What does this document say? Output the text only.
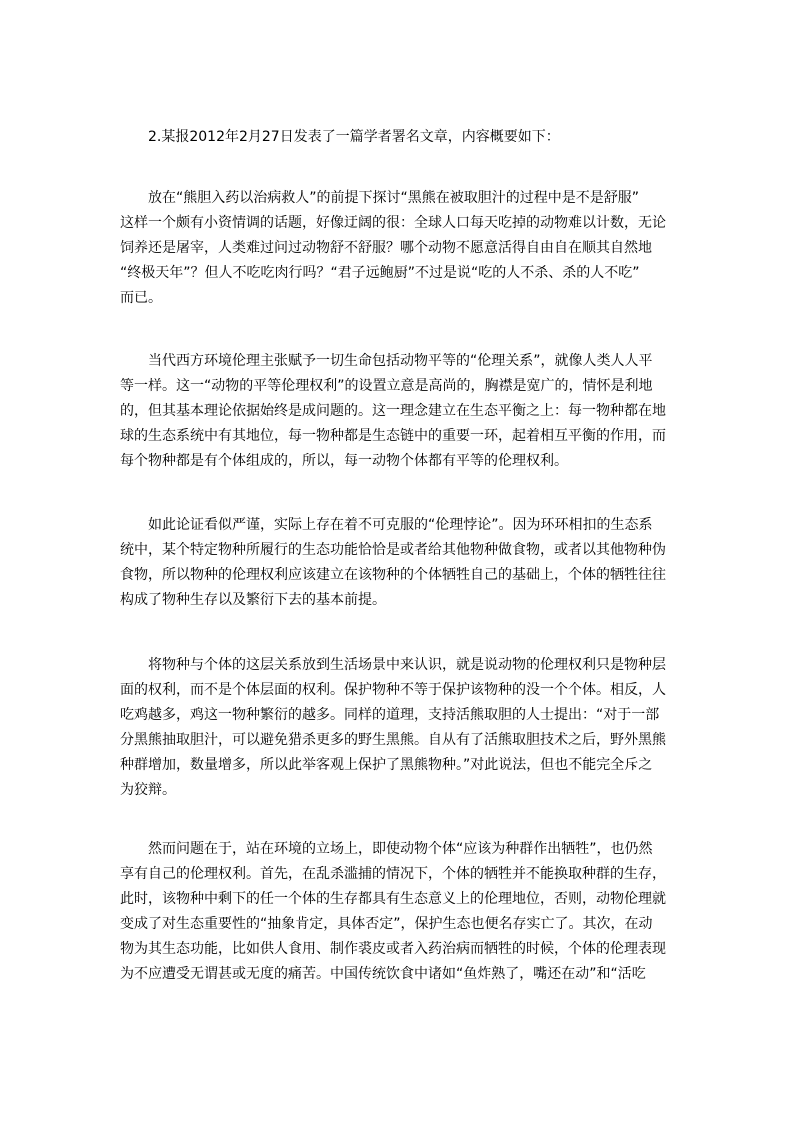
2.某报2012年2月27日发表了一篇学者署名文章，内容概要如下：
放在“熊胆入药以治病救人”的前提下探讨“黑熊在被取胆汁的过程中是不是舒服”
这样一个颇有小资情调的话题，好像迂阔的很：全球人口每天吃掉的动物难以计数，无论
饲养还是屠宰，人类难过问过动物舒不舒服？哪个动物不愿意活得自由自在顺其自然地
“终极天年”？但人不吃吃肉行吗？“君子远鲍厨”不过是说“吃的人不杀、杀的人不吃”
而已。
当代西方环境伦理主张赋予一切生命包括动物平等的“伦理关系”，就像人类人人平
等一样。这一“动物的平等伦理权利”的设置立意是高尚的，胸襟是宽广的，情怀是利地
的，但其基本理论依据始终是成问题的。这一理念建立在生态平衡之上：每一物种都在地
球的生态系统中有其地位，每一物种都是生态链中的重要一环，起着相互平衡的作用，而
每个物种都是有个体组成的，所以，每一动物个体都有平等的伦理权利。
如此论证看似严谨，实际上存在着不可克服的“伦理悖论”。因为环环相扣的生态系
统中，某个特定物种所履行的生态功能恰恰是或者给其他物种做食物，或者以其他物种伪
食物，所以物种的伦理权利应该建立在该物种的个体牺牲自己的基础上，个体的牺牲往往
构成了物种生存以及繁衍下去的基本前提。
将物种与个体的这层关系放到生活场景中来认识，就是说动物的伦理权利只是物种层
面的权利，而不是个体层面的权利。保护物种不等于保护该物种的没一个个体。相反，人
吃鸡越多，鸡这一物种繁衍的越多。同样的道理，支持活熊取胆的人士提出：“对于一部
分黑熊抽取胆汁，可以避免猎杀更多的野生黑熊。自从有了活熊取胆技术之后，野外黑熊
种群增加，数量增多，所以此举客观上保护了黑熊物种。”对此说法，但也不能完全斥之
为狡辩。
然而问题在于，站在环境的立场上，即使动物个体“应该为种群作出牺牲”，也仍然
享有自己的伦理权利。首先，在乱杀滥捕的情况下，个体的牺牲并不能换取种群的生存，
此时，该物种中剩下的任一个体的生存都具有生态意义上的伦理地位，否则，动物伦理就
变成了对生态重要性的“抽象肯定，具体否定”，保护生态也便名存实亡了。其次，在动
物为其生态功能，比如供人食用、制作裘皮或者入药治病而牺牲的时候，个体的伦理表现
为不应遭受无谓甚或无度的痛苦。中国传统饮食中诸如“鱼炸熟了，嘴还在动”和“活吃
